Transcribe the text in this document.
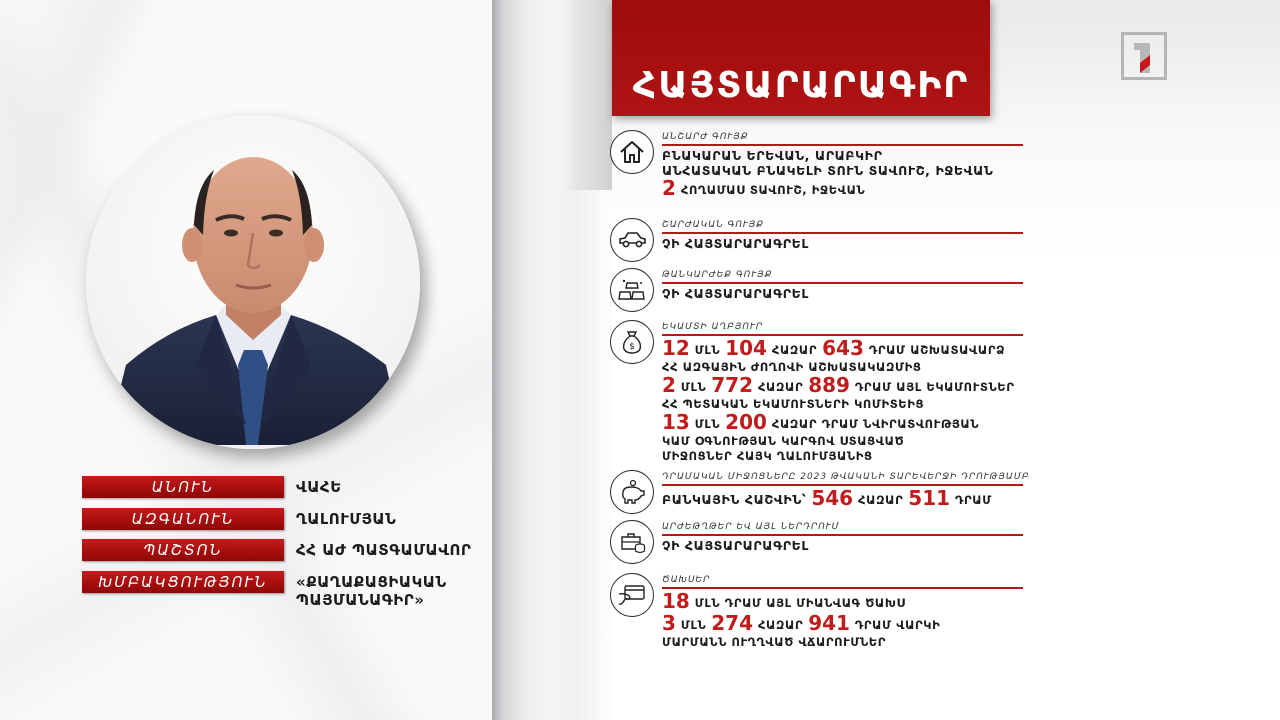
ԱՆՈՒՆ	ՎԱՀԵ
ԱԶԳԱՆՈՒՆ	ՂԱԼՈՒՄՅԱՆ
ՊԱՇՏՈՆ	ՀՀ ԱԺ ՊԱՏԳԱՄԱՎՈՐ
ԽՄԲԱԿՑՈՒԹՅՈՒՆ	«ՔԱՂԱՔԱՑԻԱԿԱՆ ՊԱՅՄԱՆԱԳԻՐ»
ՀԱՅՏԱՐԱՐԱԳԻՐ
ԱՆՇԱՐԺ ԳՈՒՅՔ
ԲՆԱԿԱՐԱՆ ԵՐԵՎԱՆ, ԱՐԱԲԿԻՐ
ԱՆՀԱՏԱԿԱՆ ԲՆԱԿԵԼԻ ՏՈՒՆ ՏԱՎՈՒՇ, ԻՋԵՎԱՆ
2 ՀՈՂԱՄԱՍ ՏԱՎՈՒՇ, ԻՋԵՎԱՆ
ՇԱՐԺԱԿԱՆ ԳՈՒՅՔ
ՉԻ ՀԱՅՏԱՐԱՐԱԳՐԵԼ
ԹԱՆԿԱՐԺԵՔ ԳՈՒՅՔ
ՉԻ ՀԱՅՏԱՐԱՐԱԳՐԵԼ
$
ԵԿԱՄՏԻ ԱՂԲՅՈՒՐ
12 ՄԼՆ 104 ՀԱԶԱՐ 643 ԴՐԱՄ ԱՇԽԱՏԱՎԱՐՁ
ՀՀ ԱԶԳԱՅԻՆ ԺՈՂՈՎԻ ԱՇԽԱՏԱԿԱԶՄԻՑ
2 ՄԼՆ 772 ՀԱԶԱՐ 889 ԴՐԱՄ ԱՅԼ ԵԿԱՄՈՒՏՆԵՐ
ՀՀ ՊԵՏԱԿԱՆ ԵԿԱՄՈՒՏՆԵՐԻ ԿՈՄԻՏԵԻՑ
13 ՄԼՆ 200 ՀԱԶԱՐ ԴՐԱՄ ՆՎԻՐԱՏՎՈՒԹՅԱՆ
ԿԱՄ ՕԳՆՈՒԹՅԱՆ ԿԱՐԳՈՎ ՍՏԱՑՎԱԾ
ՄԻՋՈՑՆԵՐ ՀԱՅԿ ՂԱԼՈՒՄՅԱՆԻՑ
ԴՐԱՄԱԿԱՆ ՄԻՋՈՑՆԵՐԸ 2023 ԹՎԱԿԱՆԻ ՏԱՐԵՎԵՐՋԻ ԴՐՈՒԹՅԱՄԲ
ԲԱՆԿԱՅԻՆ ՀԱՇՎԻՆ՝ 546 ՀԱԶԱՐ 511 ԴՐԱՄ
ԱՐԺԵԹՂԹԵՐ ԵՎ ԱՅԼ ՆԵՐԴՐՈՒՄ
ՉԻ ՀԱՅՏԱՐԱՐԱԳՐԵԼ
ԾԱԽՍԵՐ
18 ՄԼՆ ԴՐԱՄ ԱՅԼ ՄԻԱՆՎԱԳ ԾԱԽՍ
3 ՄԼՆ 274 ՀԱԶԱՐ 941 ԴՐԱՄ ՎԱՐԿԻ
ՄԱՐՄԱՆՆ ՈՒՂՂՎԱԾ ՎՃԱՐՈՒՄՆԵՐ
